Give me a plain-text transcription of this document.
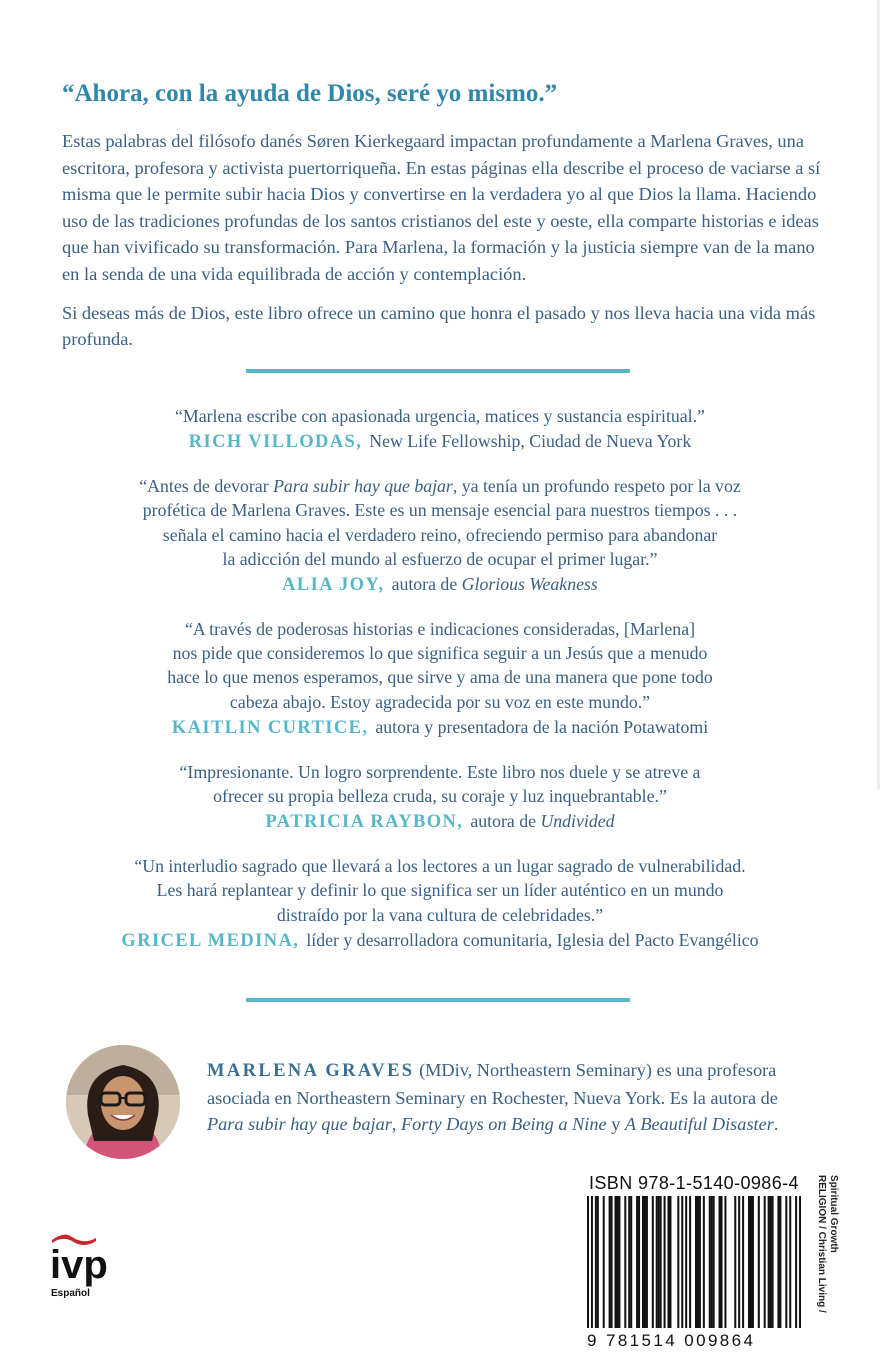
“Ahora, con la ayuda de Dios, seré yo mismo.”

Estas palabras del filósofo danés Søren Kierkegaard impactan profundamente a Marlena Graves, una escritora, profesora y activista puertorriqueña. En estas páginas ella describe el proceso de vaciarse a sí misma que le permite subir hacia Dios y convertirse en la verdadera yo al que Dios la llama. Haciendo uso de las tradiciones profundas de los santos cristianos del este y oeste, ella comparte historias e ideas que han vivificado su transformación. Para Marlena, la formación y la justicia siempre van de la mano en la senda de una vida equilibrada de acción y contemplación.

Si deseas más de Dios, este libro ofrece un camino que honra el pasado y nos lleva hacia una vida más profunda.

“Marlena escribe con apasionada urgencia, matices y sustancia espiritual.”
RICH VILLODAS, New Life Fellowship, Ciudad de Nueva York
“Antes de devorar Para subir hay que bajar, ya tenía un profundo respeto por la voz
profética de Marlena Graves. Este es un mensaje esencial para nuestros tiempos . . .
señala el camino hacia el verdadero reino, ofreciendo permiso para abandonar
la adicción del mundo al esfuerzo de ocupar el primer lugar.”
ALIA JOY, autora de Glorious Weakness
“A través de poderosas historias e indicaciones consideradas, [Marlena]
nos pide que consideremos lo que significa seguir a un Jesús que a menudo
hace lo que menos esperamos, que sirve y ama de una manera que pone todo
cabeza abajo. Estoy agradecida por su voz en este mundo.”
KAITLIN CURTICE, autora y presentadora de la nación Potawatomi
“Impresionante. Un logro sorprendente. Este libro nos duele y se atreve a
ofrecer su propia belleza cruda, su coraje y luz inquebrantable.”
PATRICIA RAYBON, autora de Undivided
“Un interludio sagrado que llevará a los lectores a un lugar sagrado de vulnerabilidad.
Les hará replantear y definir lo que significa ser un líder auténtico en un mundo
distraído por la vana cultura de celebridades.”
GRICEL MEDINA, líder y desarrolladora comunitaria, Iglesia del Pacto Evangélico
MARLENA GRAVES (MDiv, Northeastern Seminary) es una profesora asociada en Northeastern Seminary en Rochester, Nueva York. Es la autora de Para subir hay que bajar, Forty Days on Being a Nine y A Beautiful Disaster.
ISBN 978-1-5140-0986-4
9 781514 009864
RELIGION / Christian Living / Spiritual Growth
ivp
Español
